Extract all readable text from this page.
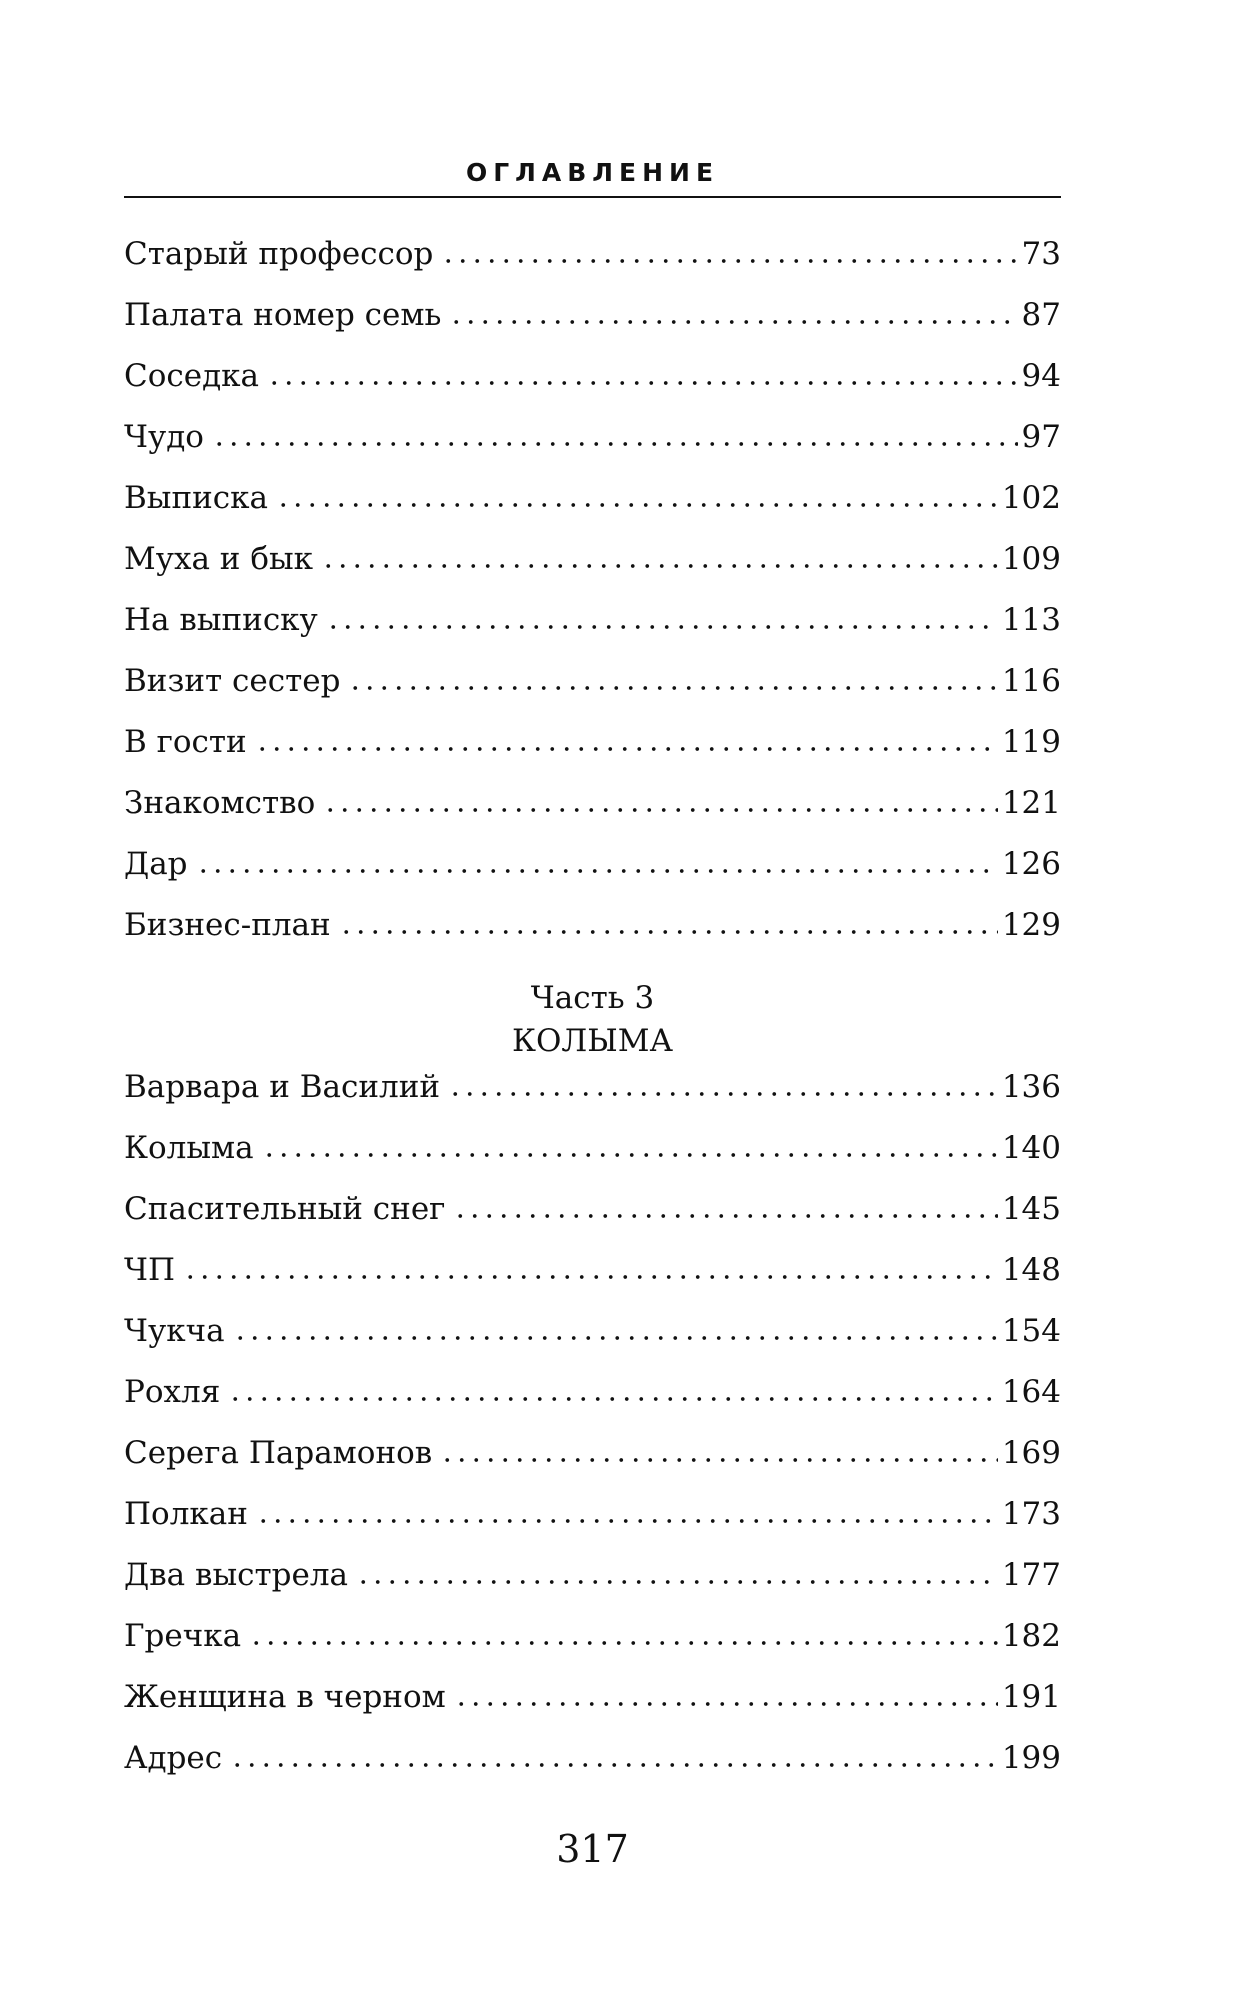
ОГЛАВЛЕНИЕ
Старый профессор	73
Палата номер семь	87
Соседка	94
Чудо	97
Выписка	102
Муха и бык	109
На выписку	113
Визит сестер	116
В гости	119
Знакомство	121
Дар	126
Бизнес-план	129
Часть 3
КОЛЫМА
Варвара и Василий	136
Колыма	140
Спасительный снег	145
ЧП	148
Чукча	154
Рохля	164
Серега Парамонов	169
Полкан	173
Два выстрела	177
Гречка	182
Женщина в черном	191
Адрес	199
317
